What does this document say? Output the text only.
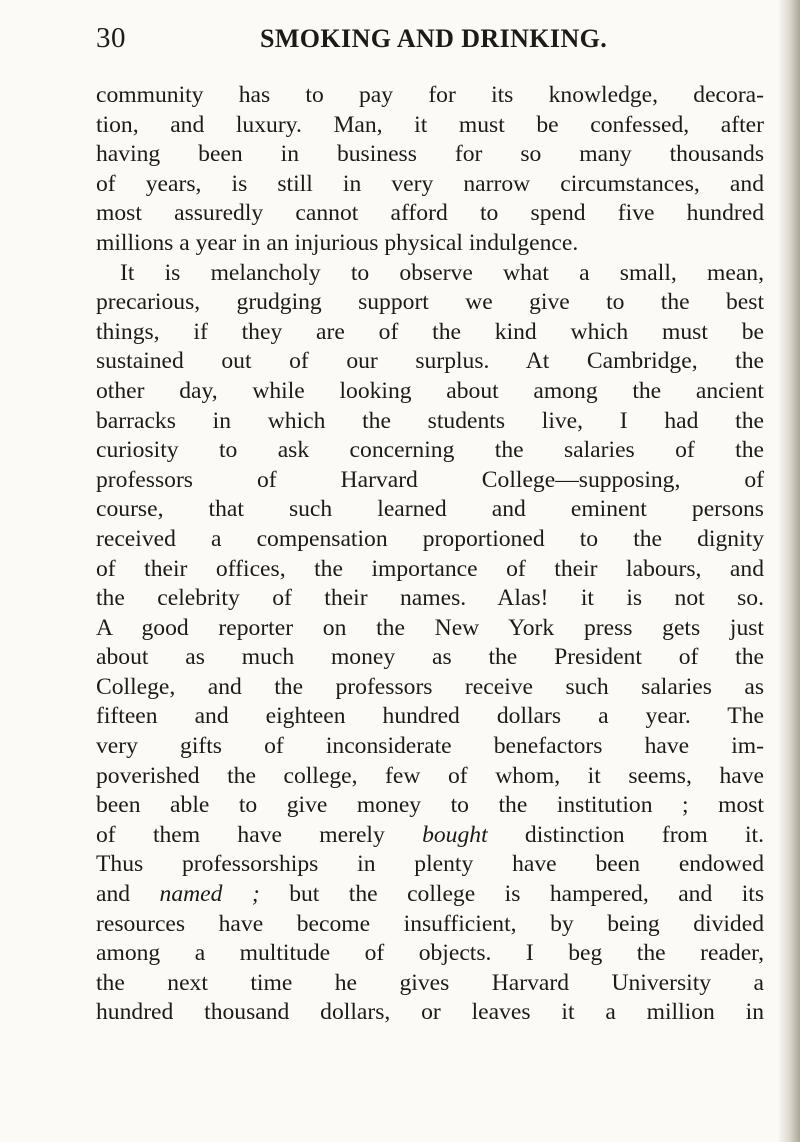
30	SMOKING AND DRINKING.
community has to pay for its knowledge, decora-
tion, and luxury. Man, it must be confessed, after
having been in business for so many thousands
of years, is still in very narrow circumstances, and
most assuredly cannot afford to spend five hundred
millions a year in an injurious physical indulgence.
It is melancholy to observe what a small, mean,
precarious, grudging support we give to the best
things, if they are of the kind which must be
sustained out of our surplus. At Cambridge, the
other day, while looking about among the ancient
barracks in which the students live, I had the
curiosity to ask concerning the salaries of the
professors of Harvard College—supposing, of
course, that such learned and eminent persons
received a compensation proportioned to the dignity
of their offices, the importance of their labours, and
the celebrity of their names. Alas! it is not so.
A good reporter on the New York press gets just
about as much money as the President of the
College, and the professors receive such salaries as
fifteen and eighteen hundred dollars a year. The
very gifts of inconsiderate benefactors have im-
poverished the college, few of whom, it seems, have
been able to give money to the institution ; most
of them have merely bought distinction from it.
Thus professorships in plenty have been endowed
and named ; but the college is hampered, and its
resources have become insufficient, by being divided
among a multitude of objects. I beg the reader,
the next time he gives Harvard University a
hundred thousand dollars, or leaves it a million in
